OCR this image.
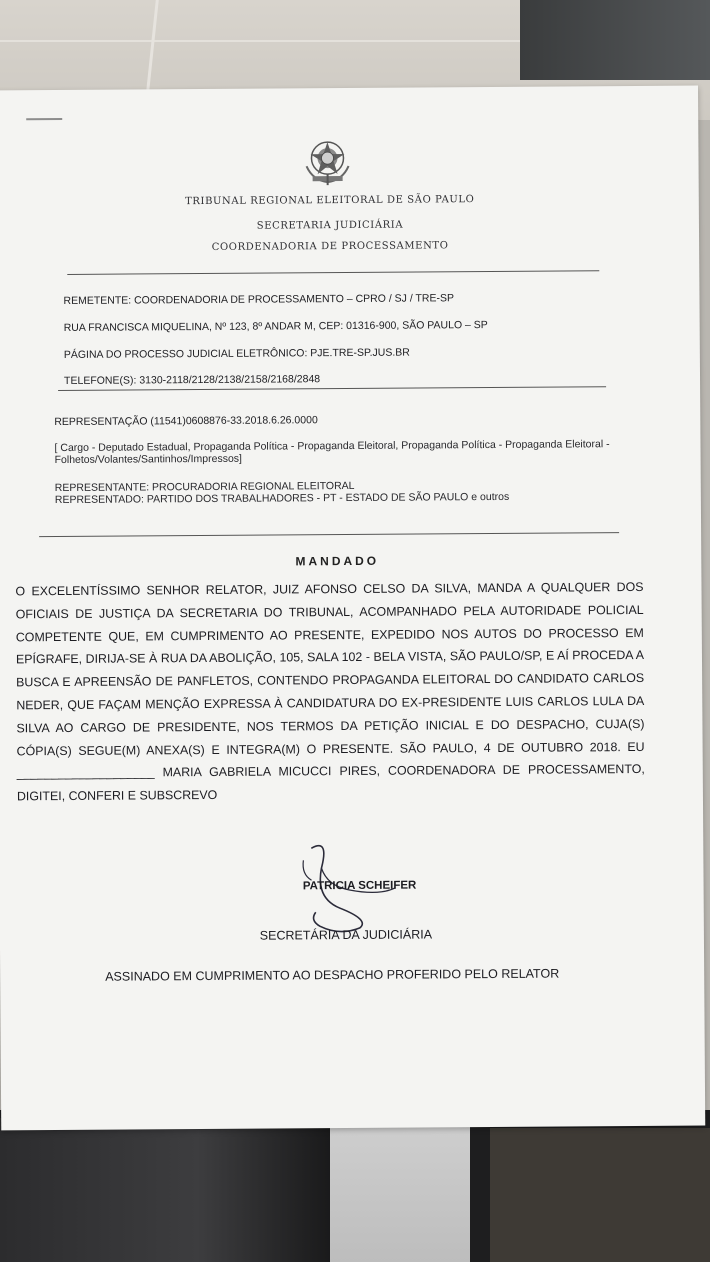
TRIBUNAL REGIONAL ELEITORAL DE SÃO PAULO
SECRETARIA JUDICIÁRIA
COORDENADORIA DE PROCESSAMENTO
REMETENTE: COORDENADORIA DE PROCESSAMENTO – CPRO / SJ / TRE-SP
RUA FRANCISCA MIQUELINA, Nº 123, 8º ANDAR M, CEP: 01316-900, SÃO PAULO – SP
PÁGINA DO PROCESSO JUDICIAL ELETRÔNICO: PJE.TRE-SP.JUS.BR
TELEFONE(S): 3130-2118/2128/2138/2158/2168/2848
REPRESENTAÇÃO (11541)0608876-33.2018.6.26.0000
[ Cargo - Deputado Estadual, Propaganda Política - Propaganda Eleitoral, Propaganda Política - Propaganda Eleitoral - Folhetos/Volantes/Santinhos/Impressos]
REPRESENTANTE: PROCURADORIA REGIONAL ELEITORAL
REPRESENTADO: PARTIDO DOS TRABALHADORES - PT - ESTADO DE SÃO PAULO e outros
MANDADO
O EXCELENTÍSSIMO SENHOR RELATOR, JUIZ AFONSO CELSO DA SILVA, MANDA A QUALQUER DOS OFICIAIS DE JUSTIÇA DA SECRETARIA DO TRIBUNAL, ACOMPANHADO PELA AUTORIDADE POLICIAL COMPETENTE QUE, EM CUMPRIMENTO AO PRESENTE, EXPEDIDO NOS AUTOS DO PROCESSO EM EPÍGRAFE, DIRIJA-SE À RUA DA ABOLIÇÃO, 105, SALA 102 - BELA VISTA, SÃO PAULO/SP, E AÍ PROCEDA A BUSCA E APREENSÃO DE PANFLETOS, CONTENDO PROPAGANDA ELEITORAL DO CANDIDATO CARLOS NEDER, QUE FAÇAM MENÇÃO EXPRESSA À CANDIDATURA DO EX-PRESIDENTE LUIS CARLOS LULA DA SILVA AO CARGO DE PRESIDENTE, NOS TERMOS DA PETIÇÃO INICIAL E DO DESPACHO, CUJA(S) CÓPIA(S) SEGUE(M) ANEXA(S) E INTEGRA(M) O PRESENTE. SÃO PAULO, 4 DE OUTUBRO 2018. EU ____________________ MARIA GABRIELA MICUCCI PIRES, COORDENADORA DE PROCESSAMENTO, DIGITEI, CONFERI E SUBSCREVO
PATRICIA SCHEIFER
SECRETÁRIA DA JUDICIÁRIA
ASSINADO EM CUMPRIMENTO AO DESPACHO PROFERIDO PELO RELATOR
